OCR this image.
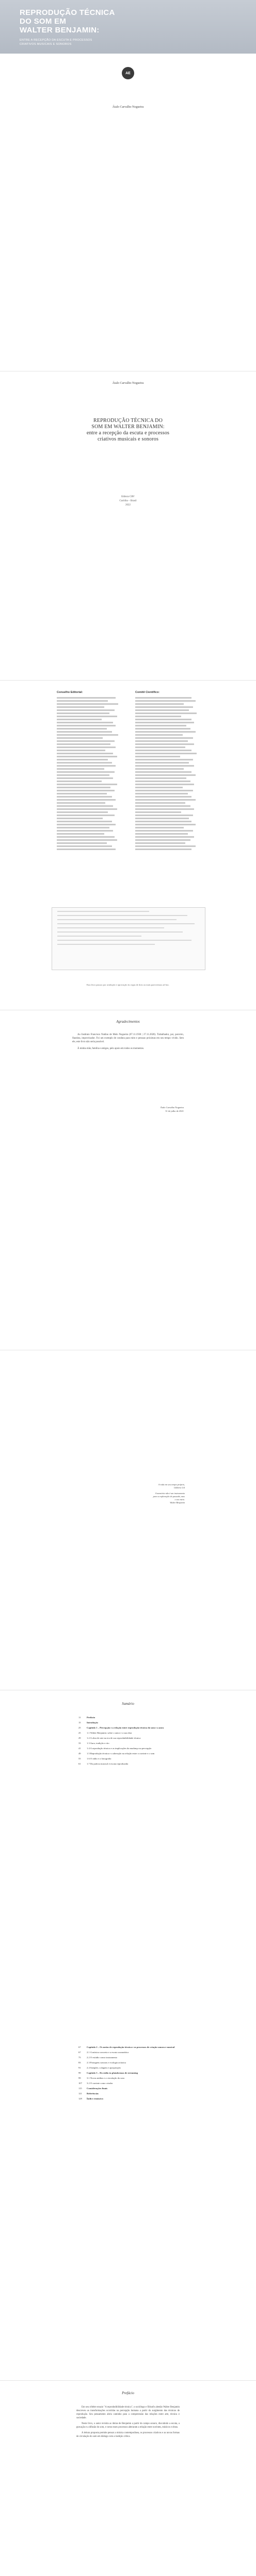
REPRODUÇÃO TÉCNICA
DO SOM EM
WALTER BENJAMIN:
ENTRE A RECEPÇÃO DA ESCUTA E PROCESSOS
CRIATIVOS MUSICAIS E SONOROS
AE
Átalo Carvalho Nogueira
Átalo Carvalho Nogueira
REPRODUÇÃO TÉCNICA DO
SOM EM WALTER BENJAMIN:
entre a recepção da escuta e processos
criativos musicais e sonoros
Editora CRV
Curitiba – Brasil
2022
Conselho Editorial:	Comitê Científico:
Esta livro passou por avaliação e aprovação às cegas de dois ou mais pareceristas ad hoc.
Agradecimentos

Ao Instituto Francisco Nadino de Melo Nogueira (07.11.1930 | 27.11.2020). Trabalhador, pai, parceiro, flautista, improvisador. Foi um exemplo de conduta para mim e pessoas próximas em seu tempo vivido. Sem ele, este livro não seria possível.

À minha mãe, família e amigos, pelo apoio em todos os momentos.

Átalo Carvalho Nogueira
31 de julho de 2021
A roda em seu tempo próprio,
Gilberto Gil
A memória não é um instrumento
para a exploração do passado, mas
o seu meio.
Walter Benjamin
Sumário
11	Prefácio
15	Introdução
25	Capítulo 1 – Percepção e a relação entre reprodução técnica do som e a aura
25	1.1 Walter Benjamin: sobre o autor e a sua obra
29	1.2 A obra de arte na era de sua reprodutibilidade técnica
33	1.3 Aura, tradição e rito
41	1.4 A reprodução técnica e as implicações da mudança na percepção
49	1.5 Reprodução técnica e a alteração na relação entre o ouvinte e o som
55	1.6 O rádio e a fonografia
61	1.7 Da prática musical à escuta reproduzida
67	Capítulo 2 – Os meios de reprodução técnica e os processos de criação sonora e musical
67	2.1 A música concreta e a escuta acusmática
75	2.2 O estúdio como instrumento
83	2.3 Paisagens sonoras e ecologia acústica
91	2.4 Sampler, colagem e apropriação
99	Capítulo 3 – Do rádio às plataformas de streaming
99	3.1 Novas mídias e a circulação do som
107	3.2 O ouvinte como criador
115	Considerações finais
121	Referências
129	Índice remissivo
Prefácio

Em seu célebre ensaio "A reprodutibilidade técnica", o sociólogo e filósofo alemão Walter Benjamin descreveu as transformações ocorridas na percepção humana a partir do surgimento das técnicas de reprodução. Seu pensamento abriu caminho para a compreensão das relações entre arte, técnica e sociedade.

Neste livro, o autor revisita as ideias de Benjamin a partir do campo sonoro, discutindo a escuta, a gravação e a difusão do som, e como esses processos alteraram a relação entre ouvintes, músicos e obras.

A leitura proposta permite pensar a música contemporânea, os processos criativos e as novas formas de circulação do som em diálogo com a tradição crítica.
